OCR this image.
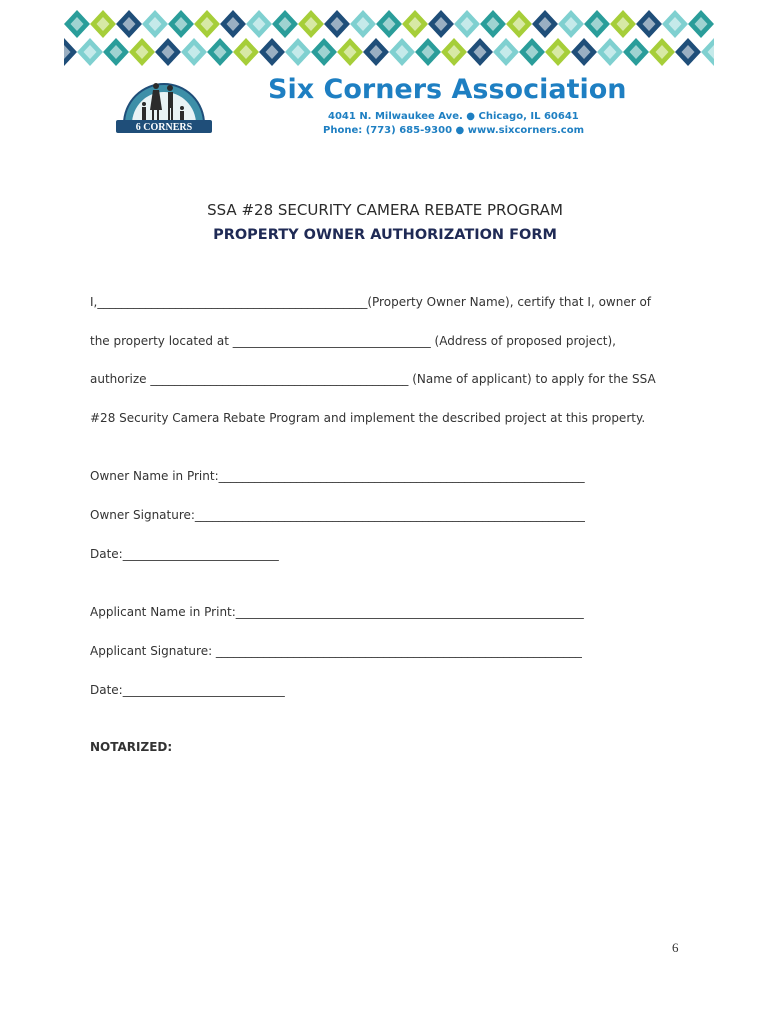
6 CORNERS
Six Corners Association
4041 N. Milwaukee Ave. ● Chicago, IL 60641
Phone: (773) 685-9300 ● www.sixcorners.com
SSA #28 SECURITY CAMERA REBATE PROGRAM
PROPERTY OWNER AUTHORIZATION FORM
I,_____________________________________________(Property Owner Name), certify that I, owner of
the property located at _________________________________ (Address of proposed project),
authorize ___________________________________________ (Name of applicant) to apply for the SSA
#28 Security Camera Rebate Program and implement the described project at this property.
Owner Name in Print:_____________________________________________________________
Owner Signature:_________________________________________________________________
Date:__________________________
Applicant Name in Print:__________________________________________________________
Applicant Signature: _____________________________________________________________
Date:___________________________
NOTARIZED:
6
